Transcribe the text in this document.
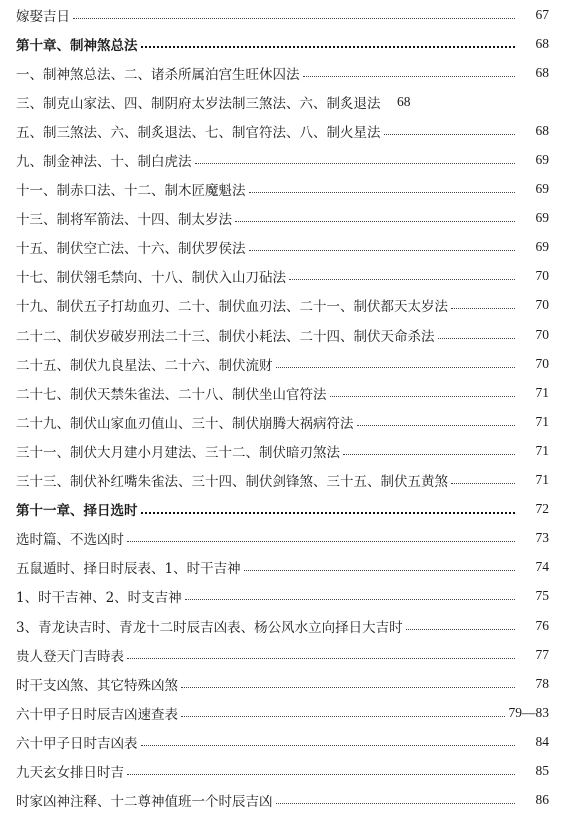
嫁娶吉日	67
第十章、制神煞总法	68
一、制神煞总法、二、诸杀所属泊宫生旺休囚法	68
三、制克山家法、四、制阴府太岁法制三煞法、六、制炙退法	68
五、制三煞法、六、制炙退法、七、制官符法、八、制火星法	68
九、制金神法、十、制白虎法	69
十一、制赤口法、十二、制木匠魔魁法	69
十三、制将军箭法、十四、制太岁法	69
十五、制伏空亡法、十六、制伏罗侯法	69
十七、制伏翎毛禁向、十八、制伏入山刀砧法	70
十九、制伏五子打劫血刃、二十、制伏血刃法、二十一、制伏都天太岁法	70
二十二、制伏岁破岁刑法二十三、制伏小耗法、二十四、制伏天命杀法	70
二十五、制伏九良星法、二十六、制伏流财	70
二十七、制伏天禁朱雀法、二十八、制伏坐山官符法	71
二十九、制伏山家血刃值山、三十、制伏崩腾大祸病符法	71
三十一、制伏大月建小月建法、三十二、制伏暗刃煞法	71
三十三、制伏补红嘴朱雀法、三十四、制伏剑锋煞、三十五、制伏五黄煞	71
第十一章、择日选时	72
选时篇、不选凶时	73
五鼠遁时、择日时辰表、1、时干吉神	74
1、时干吉神、2、时支吉神	75
3、青龙诀吉时、青龙十二时辰吉凶表、杨公风水立向择日大吉时	76
贵人登天门吉時表	77
时干支凶煞、其它特殊凶煞	78
六十甲子日时辰吉凶速查表	79—83
六十甲子日时吉凶表	84
九天玄女排日时吉	85
时家凶神注释、十二尊神值班一个时辰吉凶	86
